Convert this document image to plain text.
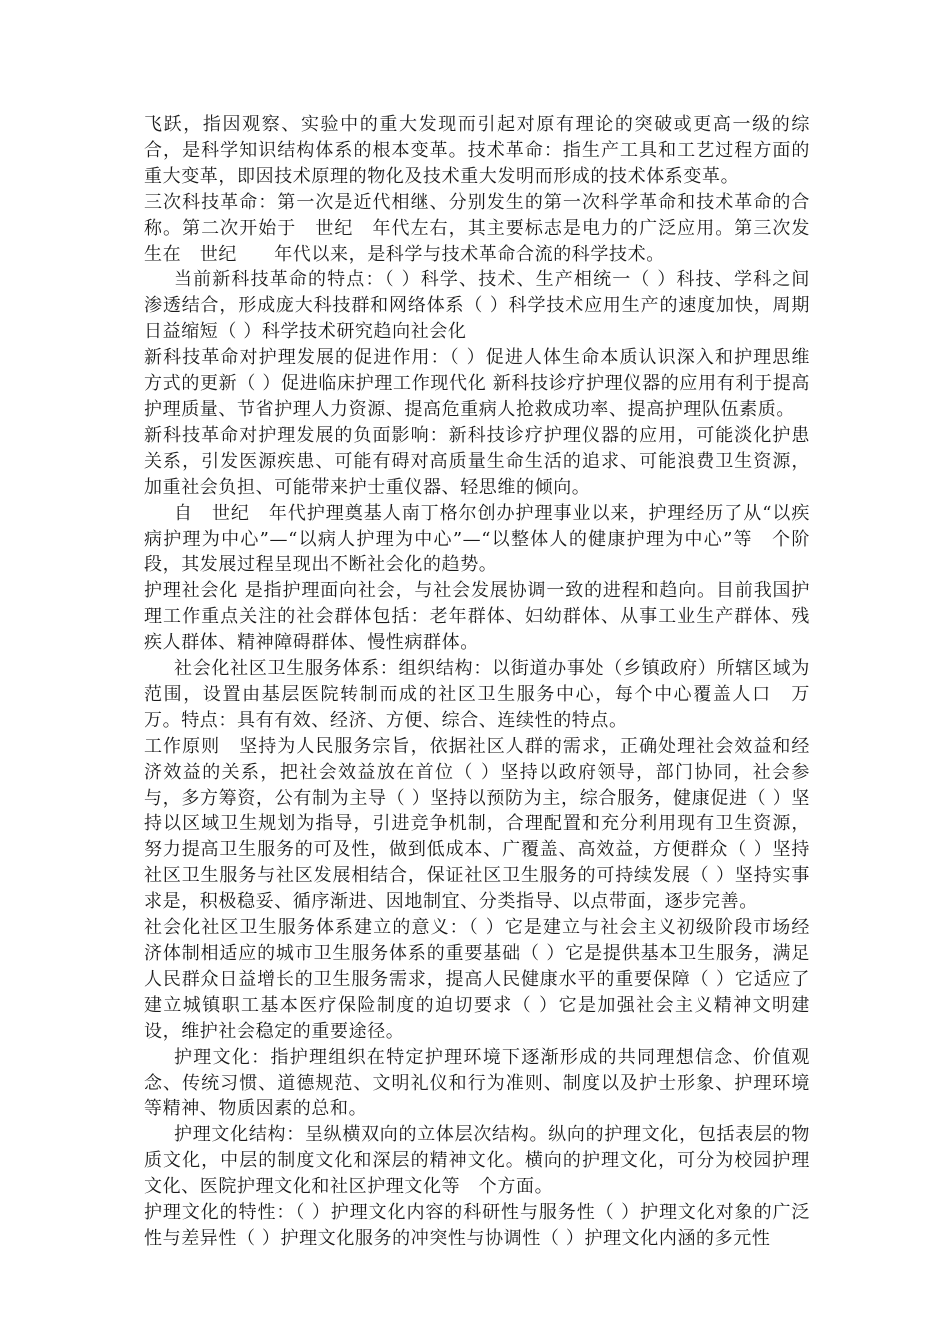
飞跃，指因观察、实验中的重大发现而引起对原有理论的突破或更高一级的综合，是科学知识结构体系的根本变革。技术革命：指生产工具和工艺过程方面的重大变革，即因技术原理的物化及技术重大发明而形成的技术体系变革。

三次科技革命：第一次是近代相继、分别发生的第一次科学革命和技术革命的合称。第二次开始于　世纪　年代左右，其主要标志是电力的广泛应用。第三次发生在　世纪　　年代以来，是科学与技术革命合流的科学技术。

当前新科技革命的特点：（ ）科学、技术、生产相统一（ ）科技、学科之间渗透结合，形成庞大科技群和网络体系（ ）科学技术应用生产的速度加快，周期日益缩短（ ）科学技术研究趋向社会化

新科技革命对护理发展的促进作用：（ ）促进人体生命本质认识深入和护理思维方式的更新（ ）促进临床护理工作现代化 新科技诊疗护理仪器的应用有利于提高护理质量、节省护理人力资源、提高危重病人抢救成功率、提高护理队伍素质。

新科技革命对护理发展的负面影响：新科技诊疗护理仪器的应用，可能淡化护患关系，引发医源疾患、可能有碍对高质量生命生活的追求、可能浪费卫生资源，加重社会负担、可能带来护士重仪器、轻思维的倾向。

自　世纪　年代护理奠基人南丁格尔创办护理事业以来，护理经历了从“以疾病护理为中心”—“以病人护理为中心”—“以整体人的健康护理为中心”等　个阶段，其发展过程呈现出不断社会化的趋势。

护理社会化 是指护理面向社会，与社会发展协调一致的进程和趋向。目前我国护理工作重点关注的社会群体包括：老年群体、妇幼群体、从事工业生产群体、残疾人群体、精神障碍群体、慢性病群体。

社会化社区卫生服务体系：组织结构：以街道办事处（乡镇政府）所辖区域为范围，设置由基层医院转制而成的社区卫生服务中心，每个中心覆盖人口　万　万。特点：具有有效、经济、方便、综合、连续性的特点。

工作原则　坚持为人民服务宗旨，依据社区人群的需求，正确处理社会效益和经济效益的关系，把社会效益放在首位（ ）坚持以政府领导，部门协同，社会参与，多方筹资，公有制为主导（ ）坚持以预防为主，综合服务，健康促进（ ）坚持以区域卫生规划为指导，引进竞争机制，合理配置和充分利用现有卫生资源，努力提高卫生服务的可及性，做到低成本、广覆盖、高效益，方便群众（ ）坚持社区卫生服务与社区发展相结合，保证社区卫生服务的可持续发展（ ）坚持实事求是，积极稳妥、循序渐进、因地制宜、分类指导、以点带面，逐步完善。

社会化社区卫生服务体系建立的意义：（ ）它是建立与社会主义初级阶段市场经济体制相适应的城市卫生服务体系的重要基础（ ）它是提供基本卫生服务，满足人民群众日益增长的卫生服务需求，提高人民健康水平的重要保障（ ）它适应了建立城镇职工基本医疗保险制度的迫切要求（ ）它是加强社会主义精神文明建设，维护社会稳定的重要途径。

护理文化：指护理组织在特定护理环境下逐渐形成的共同理想信念、价值观念、传统习惯、道德规范、文明礼仪和行为准则、制度以及护士形象、护理环境等精神、物质因素的总和。

护理文化结构：呈纵横双向的立体层次结构。纵向的护理文化，包括表层的物质文化，中层的制度文化和深层的精神文化。横向的护理文化，可分为校园护理文化、医院护理文化和社区护理文化等　个方面。

护理文化的特性：（ ）护理文化内容的科研性与服务性（ ）护理文化对象的广泛性与差异性（ ）护理文化服务的冲突性与协调性（ ）护理文化内涵的多元性
